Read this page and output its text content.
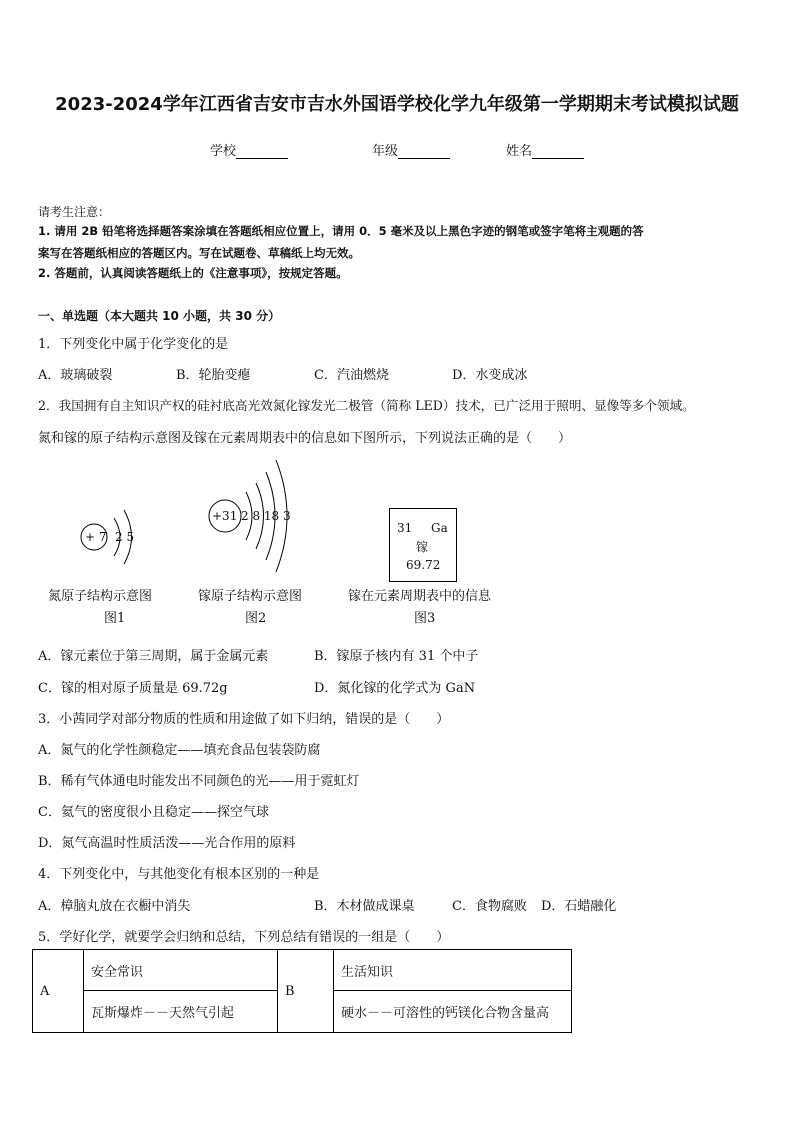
2023-2024学年江西省吉安市吉水外国语学校化学九年级第一学期期末考试模拟试题
学校	年级	姓名
请考生注意：
1. 请用 2B 铅笔将选择题答案涂填在答题纸相应位置上，请用 0．5 毫米及以上黑色字迹的钢笔或签字笔将主观题的答
案写在答题纸相应的答题区内。写在试题卷、草稿纸上均无效。
2. 答题前，认真阅读答题纸上的《注意事项》，按规定答题。
一、单选题（本大题共 10 小题，共 30 分）
1．下列变化中属于化学变化的是
A．玻璃破裂	B．轮胎变瘪	C．汽油燃烧	D．水变成冰
2．我国拥有自主知识产权的硅衬底高光效氮化镓发光二极管（简称 LED）技术，已广泛用于照明、显像等多个领域。
氮和镓的原子结构示意图及镓在元素周期表中的信息如下图所示，下列说法正确的是（　　）
+ 7 2 5
氮原子结构示意图
图1
+31 2 8 18 3
镓原子结构示意图
图2
31 Ga
镓
69.72
镓在元素周期表中的信息
图3
A．镓元素位于第三周期，属于金属元素	B．镓原子核内有 31 个中子
C．镓的相对原子质量是 69.72g	D．氮化镓的化学式为 GaN
3．小茜同学对部分物质的性质和用途做了如下归纳，错误的是（　　）
A．氮气的化学性颜稳定——填充食品包装袋防腐
B．稀有气体通电时能发出不同颜色的光——用于霓虹灯
C．氦气的密度很小且稳定——探空气球
D．氮气高温时性质活泼——光合作用的原料
4．下列变化中，与其他变化有根本区别的一种是
A．樟脑丸放在衣橱中消失	B．木材做成课桌	C．食物腐败 D．石蜡融化
5．学好化学，就要学会归纳和总结，下列总结有错误的一组是（　　）
A	安全常识	B	生活知识
	瓦斯爆炸－－天然气引起		硬水－－可溶性的钙镁化合物含量高
